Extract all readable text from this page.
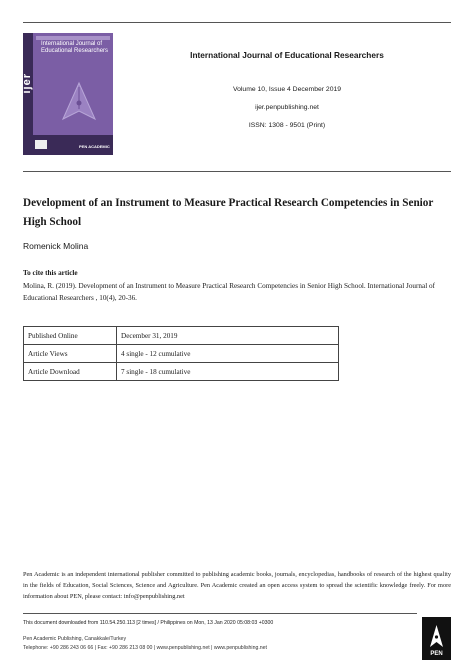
ijer
International Journal of Educational Researchers
PEN ACADEMIC
International Journal of Educational Researchers
Volume 10, Issue 4 December 2019
ijer.penpublishing.net
ISSN: 1308 - 9501 (Print)
Development of an Instrument to Measure Practical Research Competencies in Senior High School
Romenick Molina
To cite this article
Molina, R. (2019). Development of an Instrument to Measure Practical Research Competencies in Senior High School. International Journal of Educational Researchers , 10(4), 20-36.
Published Online	December 31, 2019
Article Views	4 single - 12 cumulative
Article Download	7 single - 18 cumulative
Pen Academic is an independent international publisher committed to publishing academic books, journals, encyclopedias, handbooks of research of the highest quality in the fields of Education, Social Sciences, Science and Agriculture. Pen Academic created an open access system to spread the scientific knowledge freely. For more information about PEN, please contact: info@penpublishing.net
This document downloaded from 110.54.250.113 [2 times] / Philippines on Mon, 13 Jan 2020 05:08:03 +0300
Pen Academic Publishing, Canakkale/Turkey
Telephone: +90 286 243 06 66 | Fax: +90 286 213 08 00 | www.penpublishing.net | www.penpublishing.net
PEN
